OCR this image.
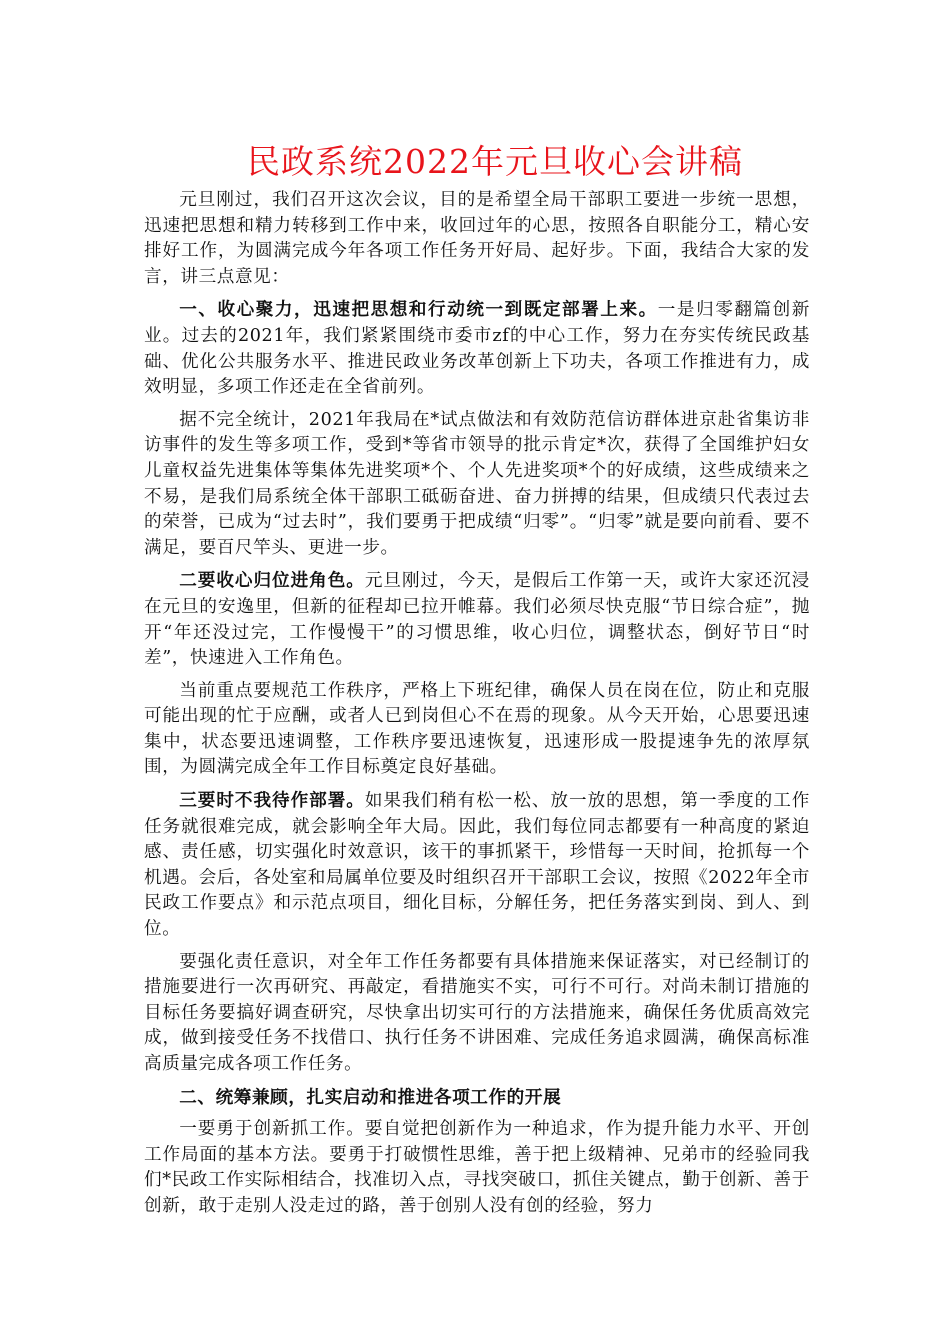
民政系统2022年元旦收心会讲稿

元旦刚过，我们召开这次会议，目的是希望全局干部职工要进一步统一思想，迅速把思想和精力转移到工作中来，收回过年的心思，按照各自职能分工，精心安排好工作，为圆满完成今年各项工作任务开好局、起好步。下面，我结合大家的发言，讲三点意见：

一、收心聚力，迅速把思想和行动统一到既定部署上来。一是归零翻篇创新业。过去的2021年，我们紧紧围绕市委市zf的中心工作，努力在夯实传统民政基础、优化公共服务水平、推进民政业务改革创新上下功夫，各项工作推进有力，成效明显，多项工作还走在全省前列。

据不完全统计，2021年我局在*试点做法和有效防范信访群体进京赴省集访非访事件的发生等多项工作，受到*等省市领导的批示肯定*次，获得了全国维护妇女儿童权益先进集体等集体先进奖项*个、个人先进奖项*个的好成绩，这些成绩来之不易，是我们局系统全体干部职工砥砺奋进、奋力拼搏的结果，但成绩只代表过去的荣誉，已成为“过去时”，我们要勇于把成绩“归零”。“归零”就是要向前看、要不满足，要百尺竿头、更进一步。

二要收心归位进角色。元旦刚过，今天，是假后工作第一天，或许大家还沉浸在元旦的安逸里，但新的征程却已拉开帷幕。我们必须尽快克服“节日综合症”，抛开“年还没过完，工作慢慢干”的习惯思维，收心归位，调整状态，倒好节日“时差”，快速进入工作角色。

当前重点要规范工作秩序，严格上下班纪律，确保人员在岗在位，防止和克服可能出现的忙于应酬，或者人已到岗但心不在焉的现象。从今天开始，心思要迅速集中，状态要迅速调整，工作秩序要迅速恢复，迅速形成一股提速争先的浓厚氛围，为圆满完成全年工作目标奠定良好基础。

三要时不我待作部署。如果我们稍有松一松、放一放的思想，第一季度的工作任务就很难完成，就会影响全年大局。因此，我们每位同志都要有一种高度的紧迫感、责任感，切实强化时效意识，该干的事抓紧干，珍惜每一天时间，抢抓每一个机遇。会后，各处室和局属单位要及时组织召开干部职工会议，按照《2022年全市民政工作要点》和示范点项目，细化目标，分解任务，把任务落实到岗、到人、到位。

要强化责任意识，对全年工作任务都要有具体措施来保证落实，对已经制订的措施要进行一次再研究、再敲定，看措施实不实，可行不可行。对尚未制订措施的目标任务要搞好调查研究，尽快拿出切实可行的方法措施来，确保任务优质高效完成，做到接受任务不找借口、执行任务不讲困难、完成任务追求圆满，确保高标准高质量完成各项工作任务。

二、统筹兼顾，扎实启动和推进各项工作的开展

一要勇于创新抓工作。要自觉把创新作为一种追求，作为提升能力水平、开创工作局面的基本方法。要勇于打破惯性思维，善于把上级精神、兄弟市的经验同我们*民政工作实际相结合，找准切入点，寻找突破口，抓住关键点，勤于创新、善于创新，敢于走别人没走过的路，善于创别人没有创的经验，努力
